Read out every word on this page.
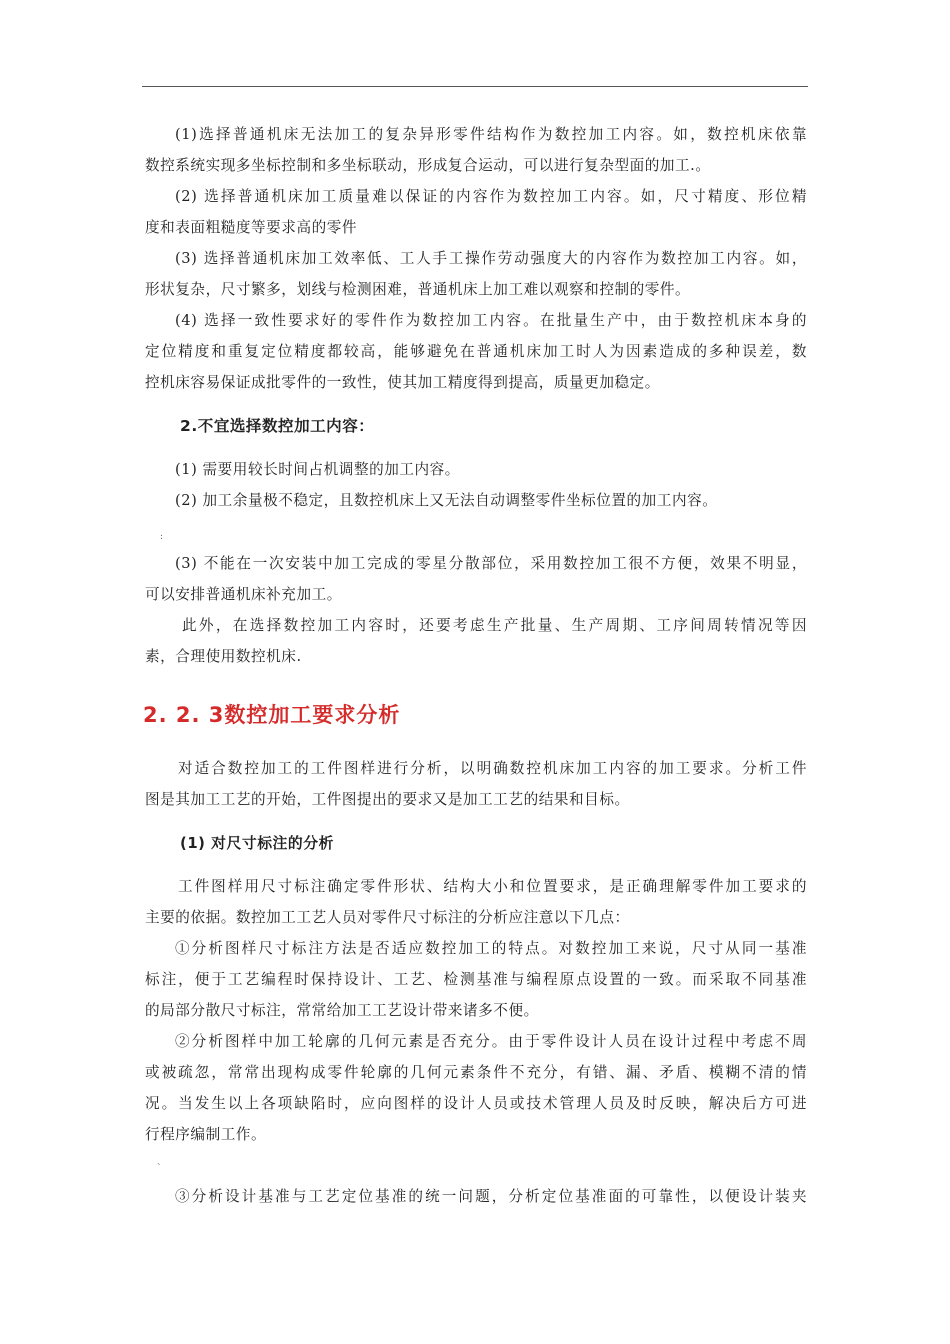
(1)选择普通机床无法加工的复杂异形零件结构作为数控加工内容。如，数控机床依靠
数控系统实现多坐标控制和多坐标联动，形成复合运动，可以进行复杂型面的加工.。
(2) 选择普通机床加工质量难以保证的内容作为数控加工内容。如，尺寸精度、形位精
度和表面粗糙度等要求高的零件
(3) 选择普通机床加工效率低、工人手工操作劳动强度大的内容作为数控加工内容。如，
形状复杂，尺寸繁多，划线与检测困难，普通机床上加工难以观察和控制的零件。
(4) 选择一致性要求好的零件作为数控加工内容。在批量生产中，由于数控机床本身的
定位精度和重复定位精度都较高，能够避免在普通机床加工时人为因素造成的多种误差，数
控机床容易保证成批零件的一致性，使其加工精度得到提高，质量更加稳定。
2.不宜选择数控加工内容：
(1) 需要用较长时间占机调整的加工内容。
(2) 加工余量极不稳定，且数控机床上又无法自动调整零件坐标位置的加工内容。
:
(3) 不能在一次安装中加工完成的零星分散部位，采用数控加工很不方便，效果不明显，
可以安排普通机床补充加工。
此外，在选择数控加工内容时，还要考虑生产批量、生产周期、工序间周转情况等因
素，合理使用数控机床.
2. 2. 3数控加工要求分析
对适合数控加工的工件图样进行分析，以明确数控机床加工内容的加工要求。分析工件
图是其加工工艺的开始，工件图提出的要求又是加工工艺的结果和目标。
(1) 对尺寸标注的分析
工件图样用尺寸标注确定零件形状、结构大小和位置要求，是正确理解零件加工要求的
主要的依据。数控加工工艺人员对零件尺寸标注的分析应注意以下几点：
①分析图样尺寸标注方法是否适应数控加工的特点。对数控加工来说，尺寸从同一基准
标注，便于工艺编程时保持设计、工艺、检测基准与编程原点设置的一致。而采取不同基准
的局部分散尺寸标注，常常给加工工艺设计带来诸多不便。
②分析图样中加工轮廓的几何元素是否充分。由于零件设计人员在设计过程中考虑不周
或被疏忽，常常出现构成零件轮廓的几何元素条件不充分，有错、漏、矛盾、模糊不清的情
况。当发生以上各项缺陷时，应向图样的设计人员或技术管理人员及时反映，解决后方可进
行程序编制工作。
`
③分析设计基准与工艺定位基准的统一问题，分析定位基准面的可靠性，以便设计装夹
